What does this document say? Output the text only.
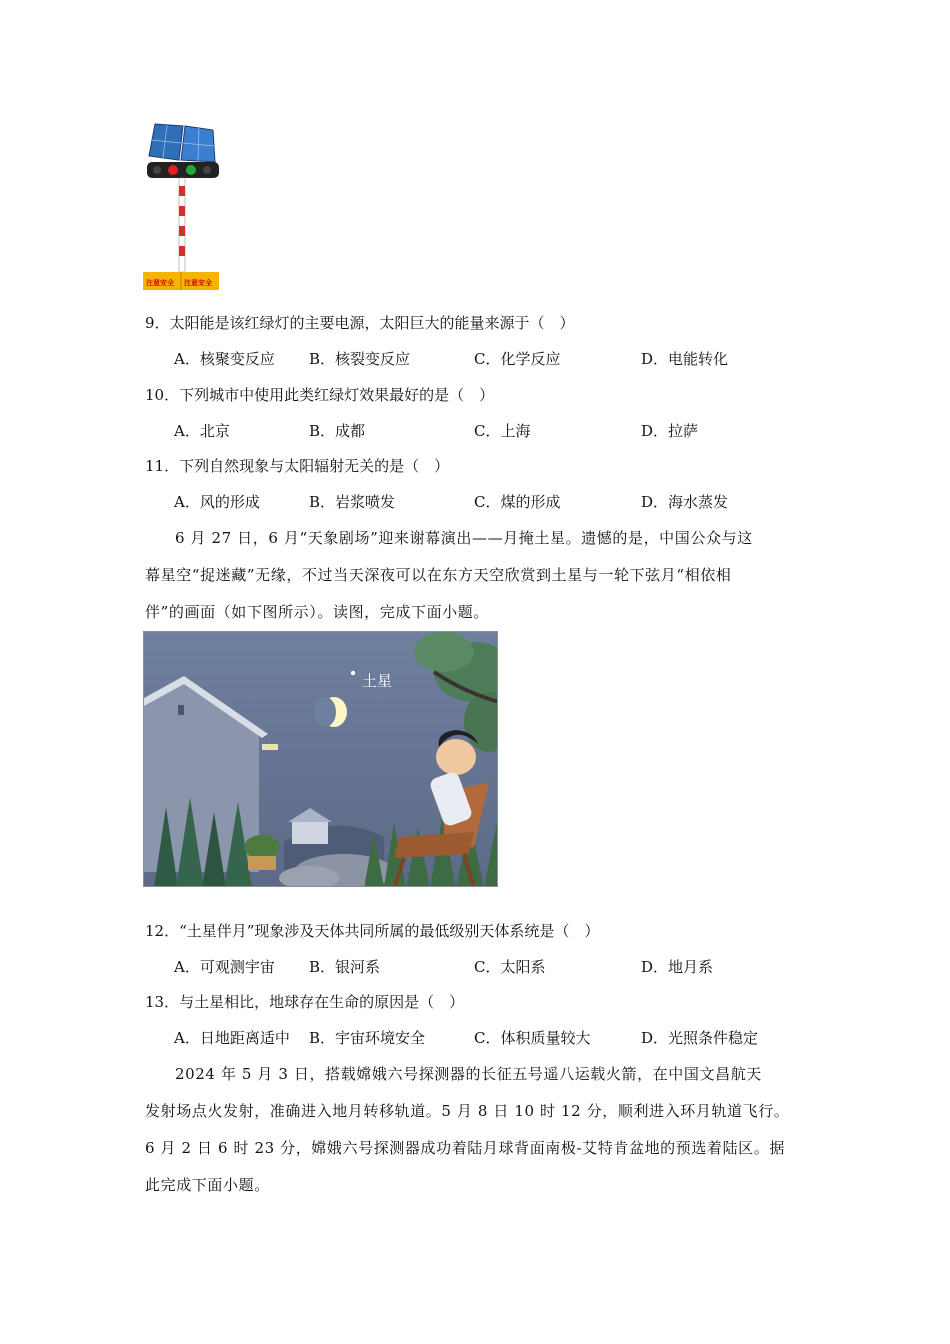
注意安全 注意安全
9．太阳能是该红绿灯的主要电源，太阳巨大的能量来源于（　）
A．核聚变反应 B．核裂变反应	C．化学反应	D．电能转化
10．下列城市中使用此类红绿灯效果最好的是（　）
A．北京	B．成都	C．上海	D．拉萨
11．下列自然现象与太阳辐射无关的是（　）
A．风的形成	B．岩浆喷发	C．煤的形成	D．海水蒸发
6 月 27 日，6 月“天象剧场”迎来谢幕演出——月掩土星。遗憾的是，中国公众与这
幕星空“捉迷藏”无缘，不过当天深夜可以在东方天空欣赏到土星与一轮下弦月“相依相
伴”的画面（如下图所示）。读图，完成下面小题。
土星
12．“土星伴月”现象涉及天体共同所属的最低级别天体系统是（　）
A．可观测宇宙 B．银河系	C．太阳系	D．地月系
13．与土星相比，地球存在生命的原因是（　）
A．日地距离适中 B．宇宙环境安全	C．体积质量较大	D．光照条件稳定
2024 年 5 月 3 日，搭载嫦娥六号探测器的长征五号遥八运载火箭，在中国文昌航天
发射场点火发射，准确进入地月转移轨道。5 月 8 日 10 时 12 分，顺利进入环月轨道飞行。
6 月 2 日 6 时 23 分，嫦娥六号探测器成功着陆月球背面南极-艾特肯盆地的预选着陆区。据
此完成下面小题。
